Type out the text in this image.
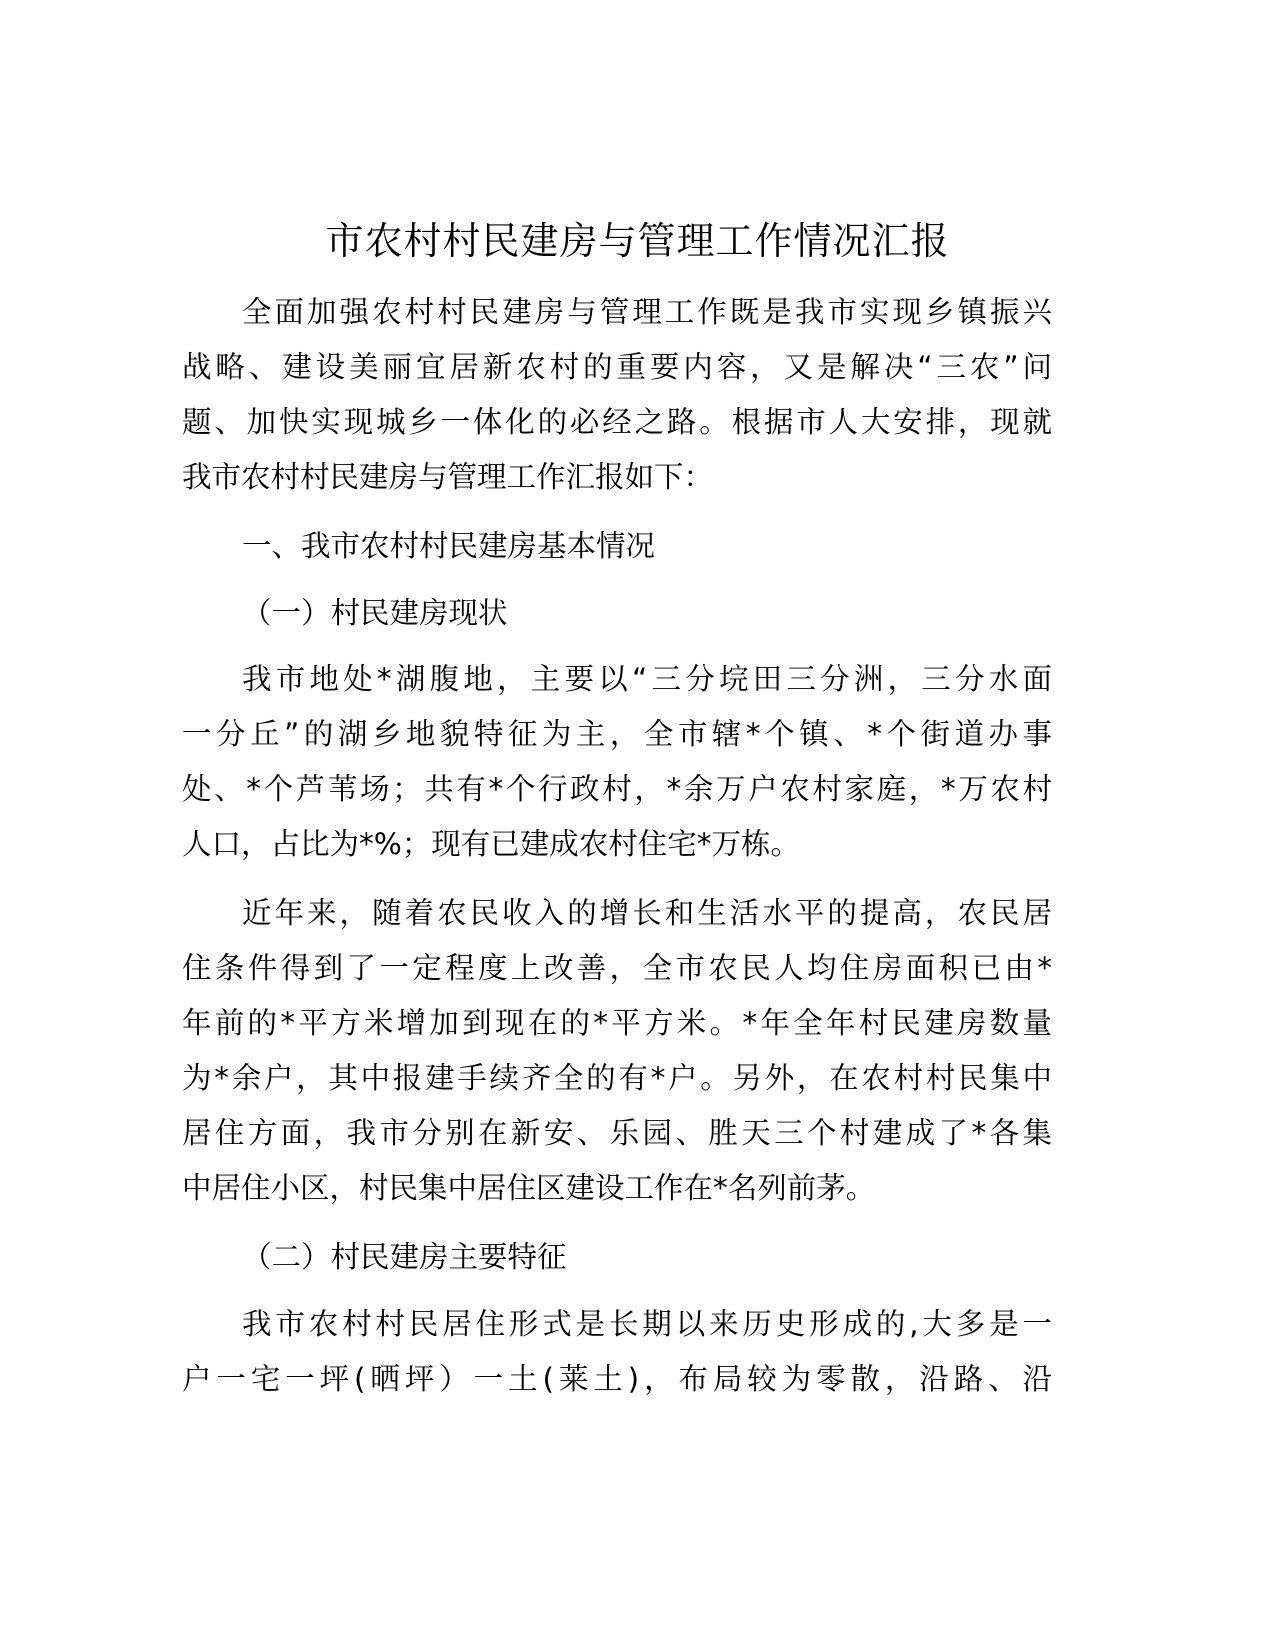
市农村村民建房与管理工作情况汇报
全面加强农村村民建房与管理工作既是我市实现乡镇振兴
战略、建设美丽宜居新农村的重要内容，又是解决“三农”问
题、加快实现城乡一体化的必经之路。根据市人大安排，现就
我市农村村民建房与管理工作汇报如下：
一、我市农村村民建房基本情况
（一）村民建房现状
我市地处*湖腹地，主要以“三分垸田三分洲，三分水面
一分丘”的湖乡地貌特征为主，全市辖*个镇、*个街道办事
处、*个芦苇场；共有*个行政村，*余万户农村家庭，*万农村
人口，占比为*%；现有已建成农村住宅*万栋。
近年来，随着农民收入的增长和生活水平的提高，农民居
住条件得到了一定程度上改善，全市农民人均住房面积已由*
年前的*平方米增加到现在的*平方米。*年全年村民建房数量
为*余户，其中报建手续齐全的有*户。另外，在农村村民集中
居住方面，我市分别在新安、乐园、胜天三个村建成了*各集
中居住小区，村民集中居住区建设工作在*名列前茅。
（二）村民建房主要特征
我市农村村民居住形式是长期以来历史形成的,大多是一
户一宅一坪(晒坪）一土(莱土)，布局较为零散，沿路、沿
